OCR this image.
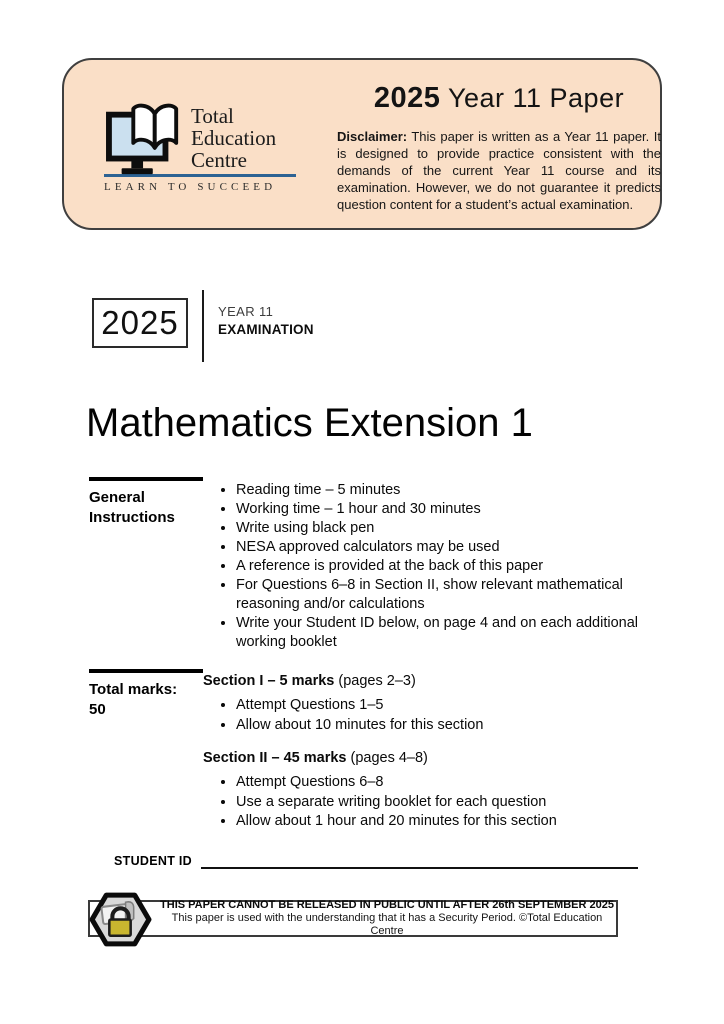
Total
Education
Centre
LEARN TO SUCCEED
2025 Year 11 Paper
Disclaimer: This paper is written as a Year 11 paper. It is designed to provide practice consistent with the demands of the current Year 11 course and its examination. However, we do not guarantee it predicts question content for a student’s actual examination.
2025	YEAR 11
EXAMINATION
Mathematics Extension 1
General Instructions
• Reading time – 5 minutes
• Working time – 1 hour and 30 minutes
• Write using black pen
• NESA approved calculators may be used
• A reference is provided at the back of this paper
• For Questions 6–8 in Section II, show relevant mathematical reasoning and/or calculations
• Write your Student ID below, on page 4 and on each additional working booklet
Total marks:
50
Section I – 5 marks (pages 2–3)
• Attempt Questions 1–5
• Allow about 10 minutes for this section
Section II – 45 marks (pages 4–8)
• Attempt Questions 6–8
• Use a separate writing booklet for each question
• Allow about 1 hour and 20 minutes for this section
STUDENT ID
THIS PAPER CANNOT BE RELEASED IN PUBLIC UNTIL AFTER 26th SEPTEMBER 2025
This paper is used with the understanding that it has a Security Period. ©Total Education Centre
